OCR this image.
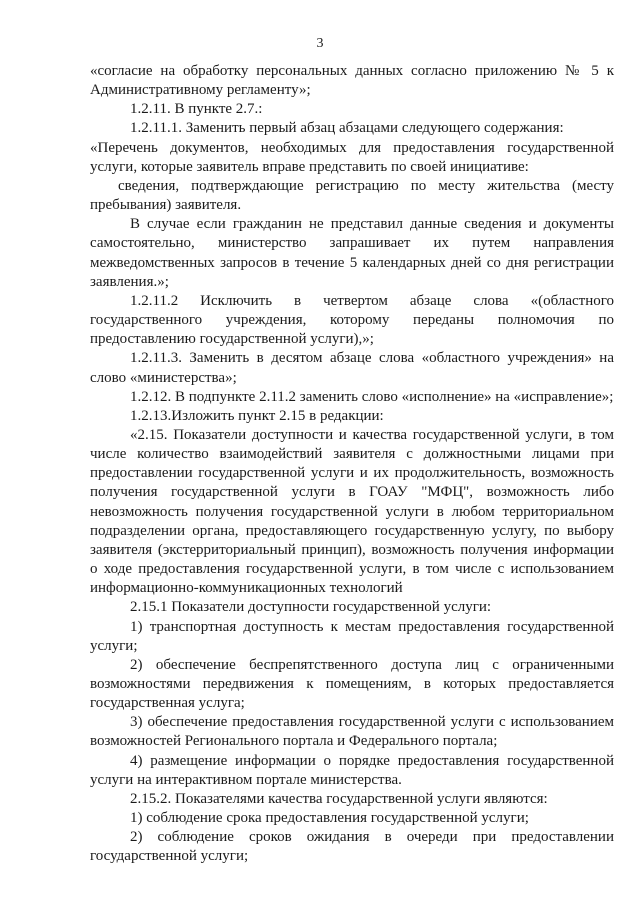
3

«согласие на обработку персональных данных согласно приложению № 5 к Административному регламенту»;

1.2.11. В пункте 2.7.:

1.2.11.1. Заменить первый абзац абзацами следующего содержания:

«Перечень документов, необходимых для предоставления государственной услуги, которые заявитель вправе представить по своей инициативе:

сведения, подтверждающие регистрацию по месту жительства (месту пребывания) заявителя.

В случае если гражданин не представил данные сведения и документы самостоятельно, министерство запрашивает их путем направления межведомственных запросов в течение 5 календарных дней со дня регистрации заявления.»;

1.2.11.2 Исключить в четвертом абзаце слова «(областного государственного учреждения, которому переданы полномочия по предоставлению государственной услуги),»;

1.2.11.3. Заменить в десятом абзаце слова «областного учреждения» на слово «министерства»;

1.2.12. В подпункте 2.11.2 заменить слово «исполнение» на «исправление»;

1.2.13.Изложить пункт 2.15 в редакции:

«2.15. Показатели доступности и качества государственной услуги, в том числе количество взаимодействий заявителя с должностными лицами при предоставлении государственной услуги и их продолжительность, возможность получения государственной услуги в ГОАУ "МФЦ", возможность либо невозможность получения государственной услуги в любом территориальном подразделении органа, предоставляющего государственную услугу, по выбору заявителя (экстерриториальный принцип), возможность получения информации о ходе предоставления государственной услуги, в том числе с использованием информационно-коммуникационных технологий

2.15.1 Показатели доступности государственной услуги:

1) транспортная доступность к местам предоставления государственной услуги;

2) обеспечение беспрепятственного доступа лиц с ограниченными возможностями передвижения к помещениям, в которых предоставляется государственная услуга;

3) обеспечение предоставления государственной услуги с использованием возможностей Регионального портала и Федерального портала;

4) размещение информации о порядке предоставления государственной услуги на интерактивном портале министерства.

2.15.2. Показателями качества государственной услуги являются:

1) соблюдение срока предоставления государственной услуги;

2) соблюдение сроков ожидания в очереди при предоставлении государственной услуги;
